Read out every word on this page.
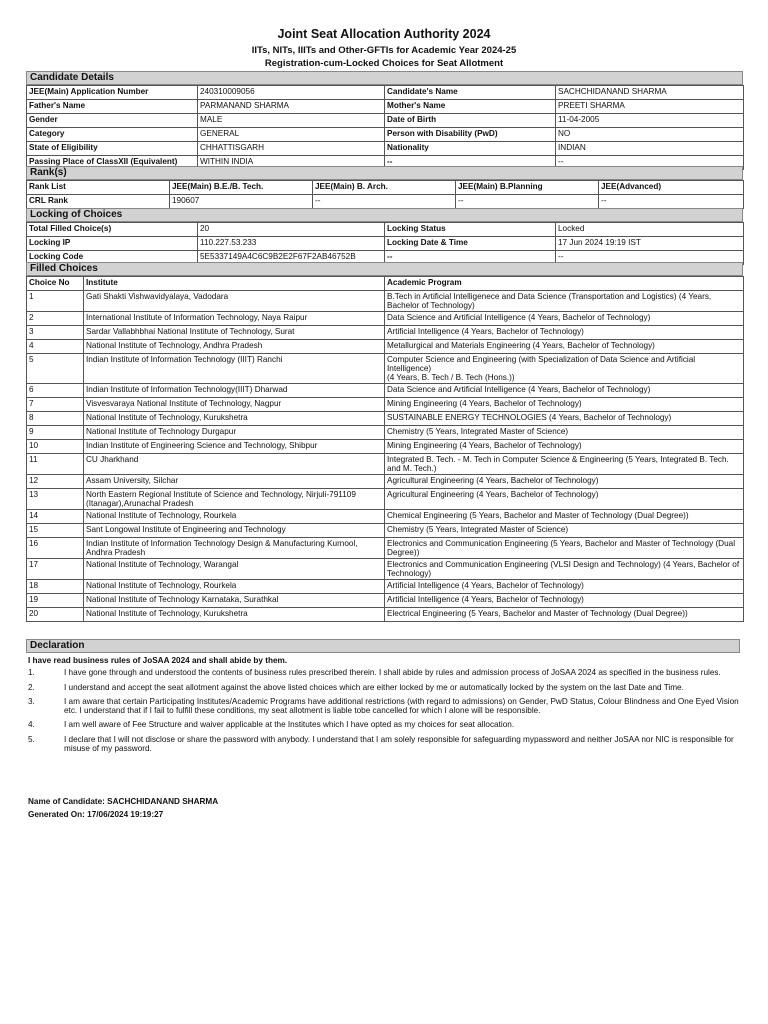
Joint Seat Allocation Authority 2024
IITs, NITs, IIITs and Other-GFTIs for Academic Year 2024-25
Registration-cum-Locked Choices for Seat Allotment
Candidate Details
JEE(Main) Application Number	240310009056	Candidate's Name	SACHCHIDANAND SHARMA
Father's Name	PARMANAND SHARMA	Mother's Name	PREETI SHARMA
Gender	MALE	Date of Birth	11-04-2005
Category	GENERAL	Person with Disability (PwD)	NO
State of Eligibility	CHHATTISGARH	Nationality	INDIAN
Passing Place of ClassXII (Equivalent)	WITHIN INDIA	--	--
Rank(s)
Rank List	JEE(Main) B.E./B. Tech.	JEE(Main) B. Arch.	JEE(Main) B.Planning	JEE(Advanced)
CRL Rank	190607	--	--	--
Locking of Choices
Total Filled Choice(s)	20	Locking Status	Locked
Locking IP	110.227.53.233	Locking Date & Time	17 Jun 2024 19:19 IST
Locking Code	5E5337149A4C6C9B2E2F67F2AB46752B	--	--
Filled Choices
Choice No	Institute	Academic Program
1	Gati Shakti Vishwavidyalaya, Vadodara	B.Tech in Artificial Intelligenece and Data Science (Transportation and Logistics) (4 Years, Bachelor of Technology)
2	International Institute of Information Technology, Naya Raipur	Data Science and Artificial Intelligence (4 Years, Bachelor of Technology)
3	Sardar Vallabhbhai National Institute of Technology, Surat	Artificial Intelligence (4 Years, Bachelor of Technology)
4	National Institute of Technology, Andhra Pradesh	Metallurgical and Materials Engineering (4 Years, Bachelor of Technology)
5	Indian Institute of Information Technology (IIIT) Ranchi	Computer Science and Engineering (with Specialization of Data Science and Artificial Intelligence)
(4 Years, B. Tech / B. Tech (Hons.))
6	Indian Institute of Information Technology(IIIT) Dharwad	Data Science and Artificial Intelligence (4 Years, Bachelor of Technology)
7	Visvesvaraya National Institute of Technology, Nagpur	Mining Engineering (4 Years, Bachelor of Technology)
8	National Institute of Technology, Kurukshetra	SUSTAINABLE ENERGY TECHNOLOGIES (4 Years, Bachelor of Technology)
9	National Institute of Technology Durgapur	Chemistry (5 Years, Integrated Master of Science)
10	Indian Institute of Engineering Science and Technology, Shibpur	Mining Engineering (4 Years, Bachelor of Technology)
11	CU Jharkhand	Integrated B. Tech. - M. Tech in Computer Science & Engineering (5 Years, Integrated B. Tech. and M. Tech.)
12	Assam University, Silchar	Agricultural Engineering (4 Years, Bachelor of Technology)
13	North Eastern Regional Institute of Science and Technology, Nirjuli-791109 (Itanagar),Arunachal Pradesh	Agricultural Engineering (4 Years, Bachelor of Technology)
14	National Institute of Technology, Rourkela	Chemical Engineering (5 Years, Bachelor and Master of Technology (Dual Degree))
15	Sant Longowal Institute of Engineering and Technology	Chemistry (5 Years, Integrated Master of Science)
16	Indian Institute of Information Technology Design & Manufacturing Kurnool, Andhra Pradesh	Electronics and Communication Engineering (5 Years, Bachelor and Master of Technology (Dual Degree))
17	National Institute of Technology, Warangal	Electronics and Communication Engineering (VLSI Design and Technology) (4 Years, Bachelor of Technology)
18	National Institute of Technology, Rourkela	Artificial Intelligence (4 Years, Bachelor of Technology)
19	National Institute of Technology Karnataka, Surathkal	Artificial Intelligence (4 Years, Bachelor of Technology)
20	National Institute of Technology, Kurukshetra	Electrical Engineering (5 Years, Bachelor and Master of Technology (Dual Degree))
Declaration
I have read business rules of JoSAA 2024 and shall abide by them.
1.	I have gone through and understood the contents of business rules prescribed therein. I shall abide by rules and admission process of JoSAA 2024 as specified in the business rules.
2.	I understand and accept the seat allotment against the above listed choices which are either locked by me or automatically locked by the system on the last Date and Time.
3.	I am aware that certain Participating Institutes/Academic Programs have additional restrictions (with regard to admissions) on Gender, PwD Status, Colour Blindness and One Eyed Vision etc. I understand that if I fail to fulfill these conditions, my seat allotment is liable tobe cancelled for which I alone will be responsible.
4.	I am well aware of Fee Structure and waiver applicable at the Institutes which I have opted as my choices for seat allocation.
5.	I declare that I will not disclose or share the password with anybody. I understand that I am solely responsible for safeguarding mypassword and neither JoSAA nor NIC is responsible for misuse of my password.
Name of Candidate: SACHCHIDANAND SHARMA
Generated On: 17/06/2024 19:19:27
